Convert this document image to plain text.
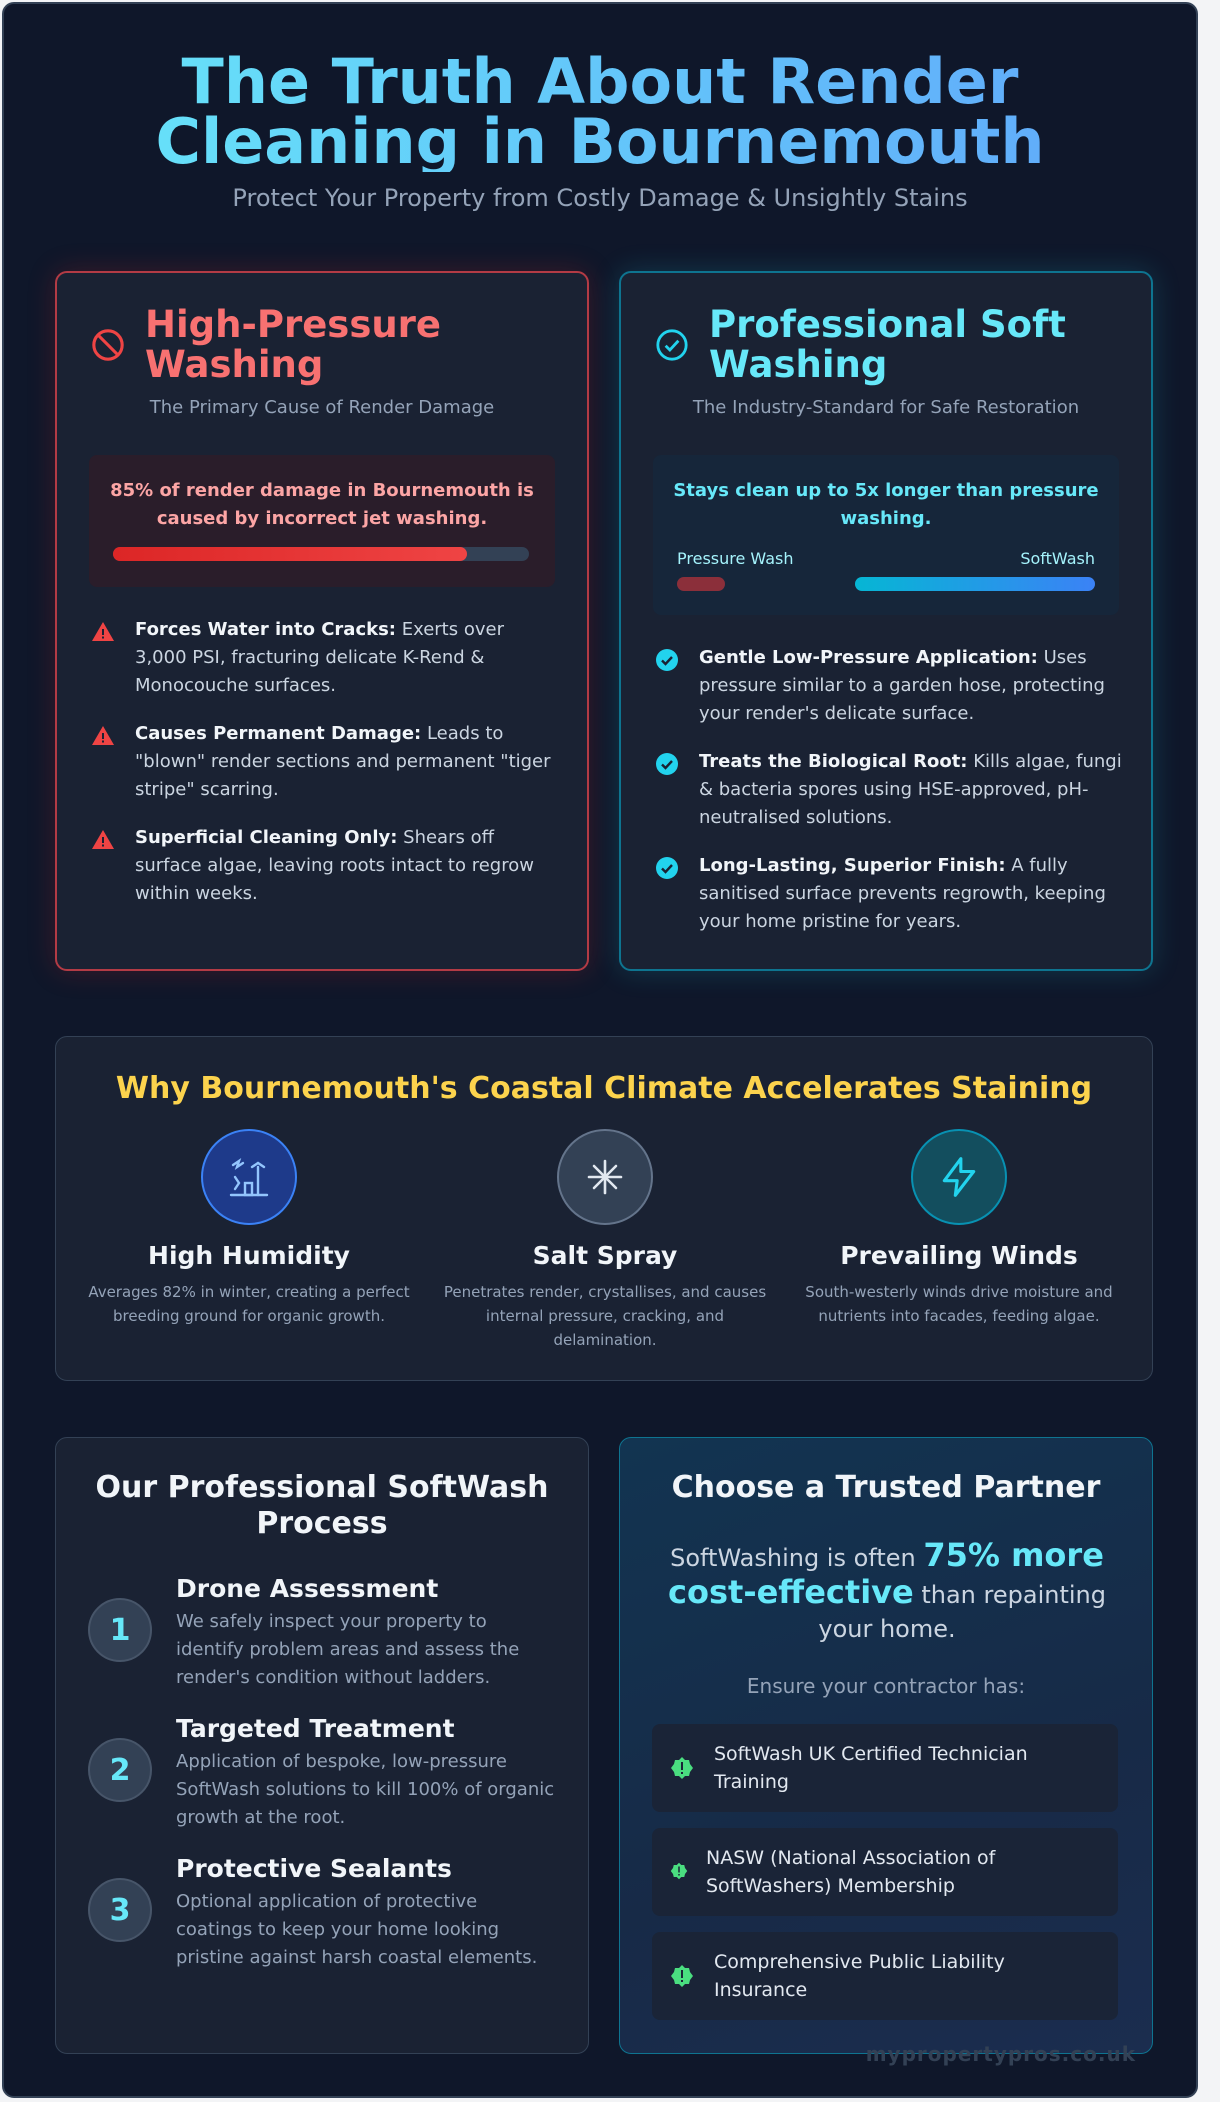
The Truth About Render
Cleaning in Bournemouth
Protect Your Property from Costly Damage & Unsightly Stains
High-Pressure
Washing
The Primary Cause of Render Damage
85% of render damage in Bournemouth is caused by incorrect jet washing.
Forces Water into Cracks: Exerts over 3,000 PSI, fracturing delicate K-Rend & Monocouche surfaces.
Causes Permanent Damage: Leads to "blown" render sections and permanent "tiger stripe" scarring.
Superficial Cleaning Only: Shears off surface algae, leaving roots intact to regrow within weeks.
Professional Soft
Washing
The Industry-Standard for Safe Restoration
Stays clean up to 5x longer than pressure washing.
Pressure Wash	SoftWash
Gentle Low-Pressure Application: Uses pressure similar to a garden hose, protecting your render's delicate surface.
Treats the Biological Root: Kills algae, fungi & bacteria spores using HSE-approved, pH-neutralised solutions.
Long-Lasting, Superior Finish: A fully sanitised surface prevents regrowth, keeping your home pristine for years.
Why Bournemouth's Coastal Climate Accelerates Staining
High Humidity

Averages 82% in winter, creating a perfect breeding ground for organic growth.

Salt Spray

Penetrates render, crystallises, and causes internal pressure, cracking, and delamination.

Prevailing Winds

South-westerly winds drive moisture and nutrients into facades, feeding algae.

Our Professional SoftWash Process
1
Drone Assessment

We safely inspect your property to identify problem areas and assess the render's condition without ladders.

2
Targeted Treatment

Application of bespoke, low-pressure SoftWash solutions to kill 100% of organic growth at the root.

3
Protective Sealants

Optional application of protective coatings to keep your home looking pristine against harsh coastal elements.

Choose a Trusted Partner
SoftWashing is often 75% more cost-effective than repainting your home.
Ensure your contractor has:
SoftWash UK Certified Technician Training
NASW (National Association of SoftWashers) Membership
Comprehensive Public Liability Insurance
mypropertypros.co.uk
